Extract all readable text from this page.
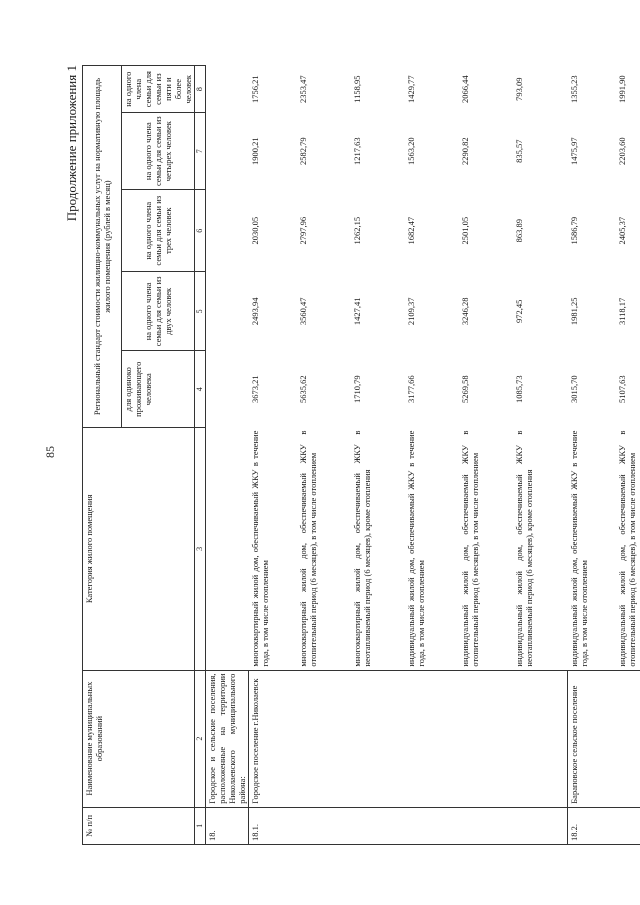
85
Продолжение приложения 1
№ п/п	Наименование муниципальных образований	Категория жилого помещения	Региональный стандарт стоимости жилищно-коммунальных услуг на нормативную площадь жилого помещения (рублей в месяц)				
			для одиноко проживающего человека	на одного члена семьи для семьи из двух человек	на одного члена семьи для семьи из трех человек	на одного члена семьи для семьи из четырех человек	на одного члена семьи для семьи из пяти и более человек
1	2	3	4	5	6	7	8
18.	Городское и сельские поселения, расположенные на территории Николаевского муниципального района:						
18.1.	Городское поселение г.Николаевск	многоквартирный жилой дом, обеспечиваемый ЖКУ в течение года, в том числе отоплением	3673,21	2493,94	2030,05	1900,21	1756,21
		многоквартирный жилой дом, обеспечиваемый ЖКУ в отопительный период (6 месяцев), в том числе отоплением	5635,62	3560,47	2797,96	2582,79	2353,47
		многоквартирный жилой дом, обеспечиваемый ЖКУ в неотапливаемый период (6 месяцев), кроме отопления	1710,79	1427,41	1262,15	1217,63	1158,95
		индивидуальный жилой дом, обеспечиваемый ЖКУ в течение года, в том числе отоплением	3177,66	2109,37	1682,47	1563,20	1429,77
		индивидуальный жилой дом, обеспечиваемый ЖКУ в отопительный период (6 месяцев), в том числе отоплением	5269,58	3246,28	2501,05	2290,82	2066,44
		индивидуальный жилой дом, обеспечиваемый ЖКУ в неотапливаемый период (6 месяцев), кроме отопления	1085,73	972,45	863,89	835,57	793,09
18.2.	Бараповское сельское поселение	индивидуальный жилой дом, обеспечиваемый ЖКУ в течение года, в том числе отоплением	3015,70	1981,25	1586,79	1475,97	1355,23
		индивидуальный жилой дом, обеспечиваемый ЖКУ в отопительный период (6 месяцев), в том числе отоплением	5107,63	3118,17	2405,37	2203,60	1991,90
